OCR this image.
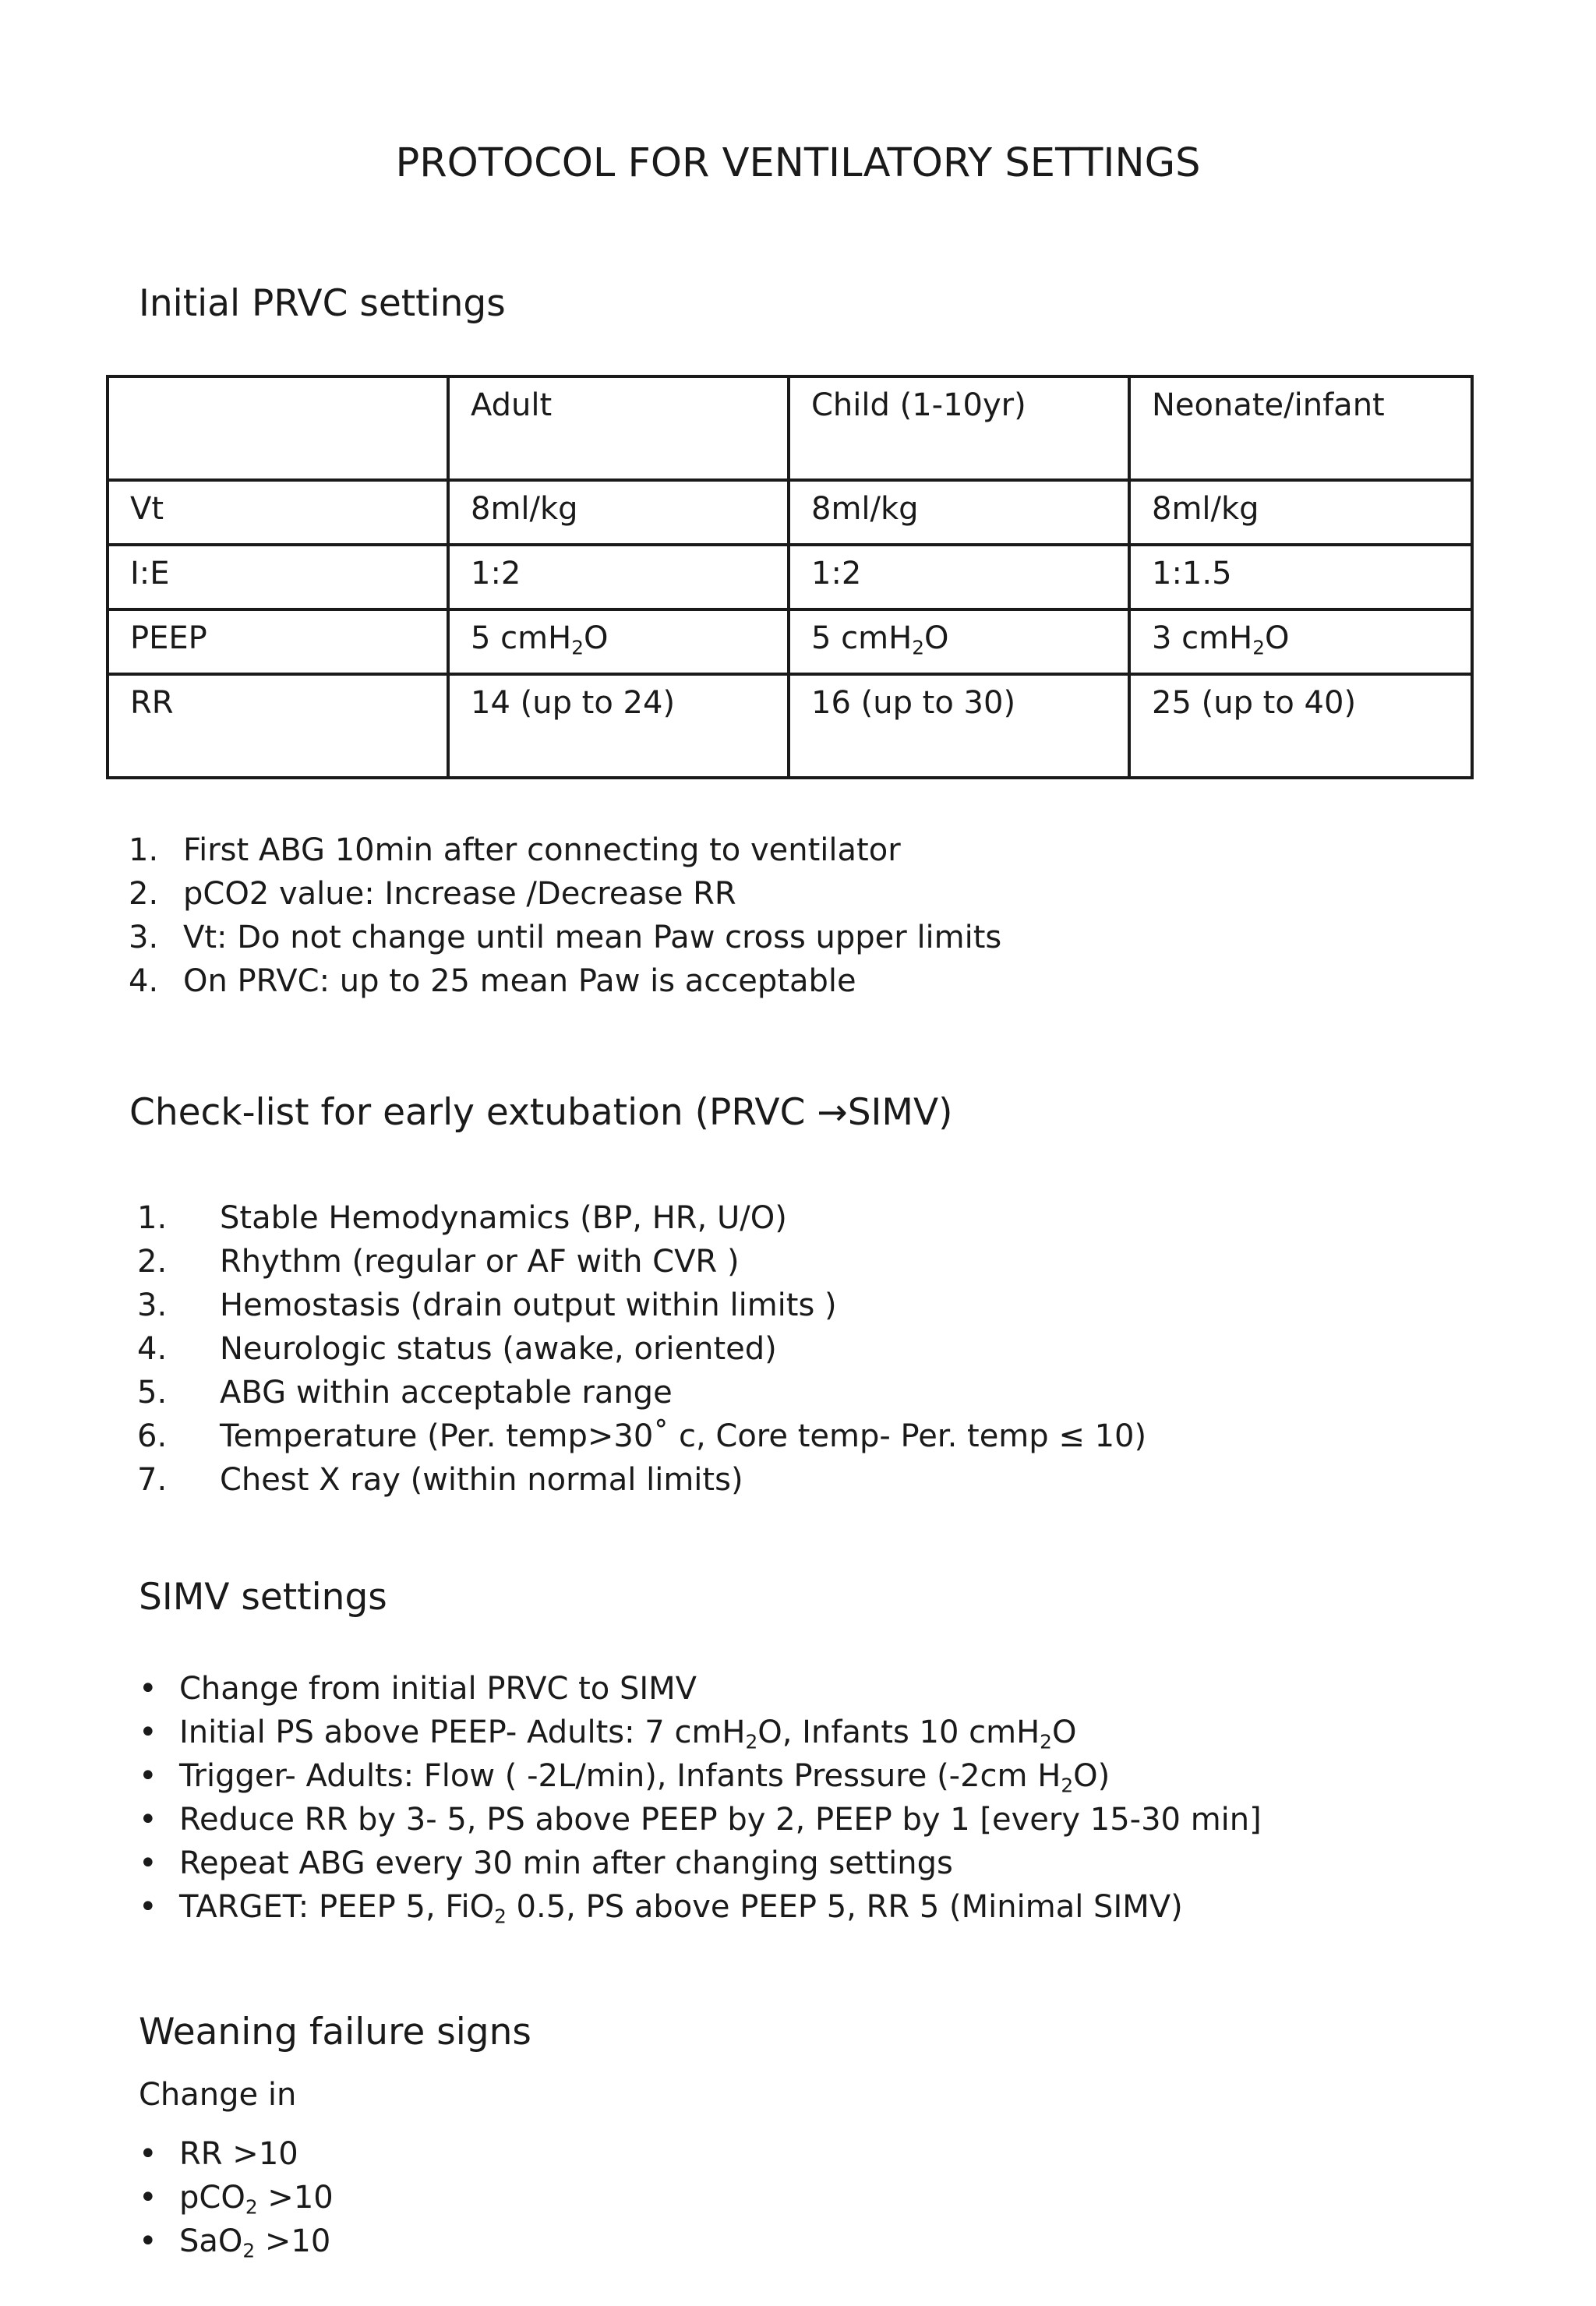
PROTOCOL FOR VENTILATORY SETTINGS
Initial PRVC settings
	Adult	Child (1-10yr)	Neonate/infant
Vt	8ml/kg	8ml/kg	8ml/kg
I:E	1:2	1:2	1:1.5
PEEP	5 cmH$_2$O	5 cmH$_2$O	3 cmH$_2$O
RR	14 (up to 24)	16 (up to 30)	25 (up to 40)
1. First ABG 10min after connecting to ventilator
2. pCO2 value: Increase /Decrease RR
3. Vt: Do not change until mean Paw cross upper limits
4. On PRVC: up to 25 mean Paw is acceptable
Check-list for early extubation (PRVC →SIMV)
1. Stable Hemodynamics (BP, HR, U/O)
2. Rhythm (regular or AF with CVR )
3. Hemostasis (drain output within limits )
4. Neurologic status (awake, oriented)
5. ABG within acceptable range
6. Temperature (Per. temp>30˚ c, Core temp- Per. temp ≤ 10)
7. Chest X ray (within normal limits)
SIMV settings
• Change from initial PRVC to SIMV
• Initial PS above PEEP- Adults: 7 cmH$_2$O, Infants 10 cmH$_2$O
• Trigger- Adults: Flow ( -2L/min), Infants Pressure (-2cm $H_2O$)
• Reduce RR by 3- 5, PS above PEEP by 2, PEEP by 1 [every 15-30 min]
• Repeat ABG every 30 min after changing settings
• TARGET: PEEP 5, FiO$_2$ 0.5, PS above PEEP 5, RR 5 (Minimal SIMV)
Weaning failure signs
Change in
• RR >10
• pCO$_2$ >10
• SaO$_2$ >10
